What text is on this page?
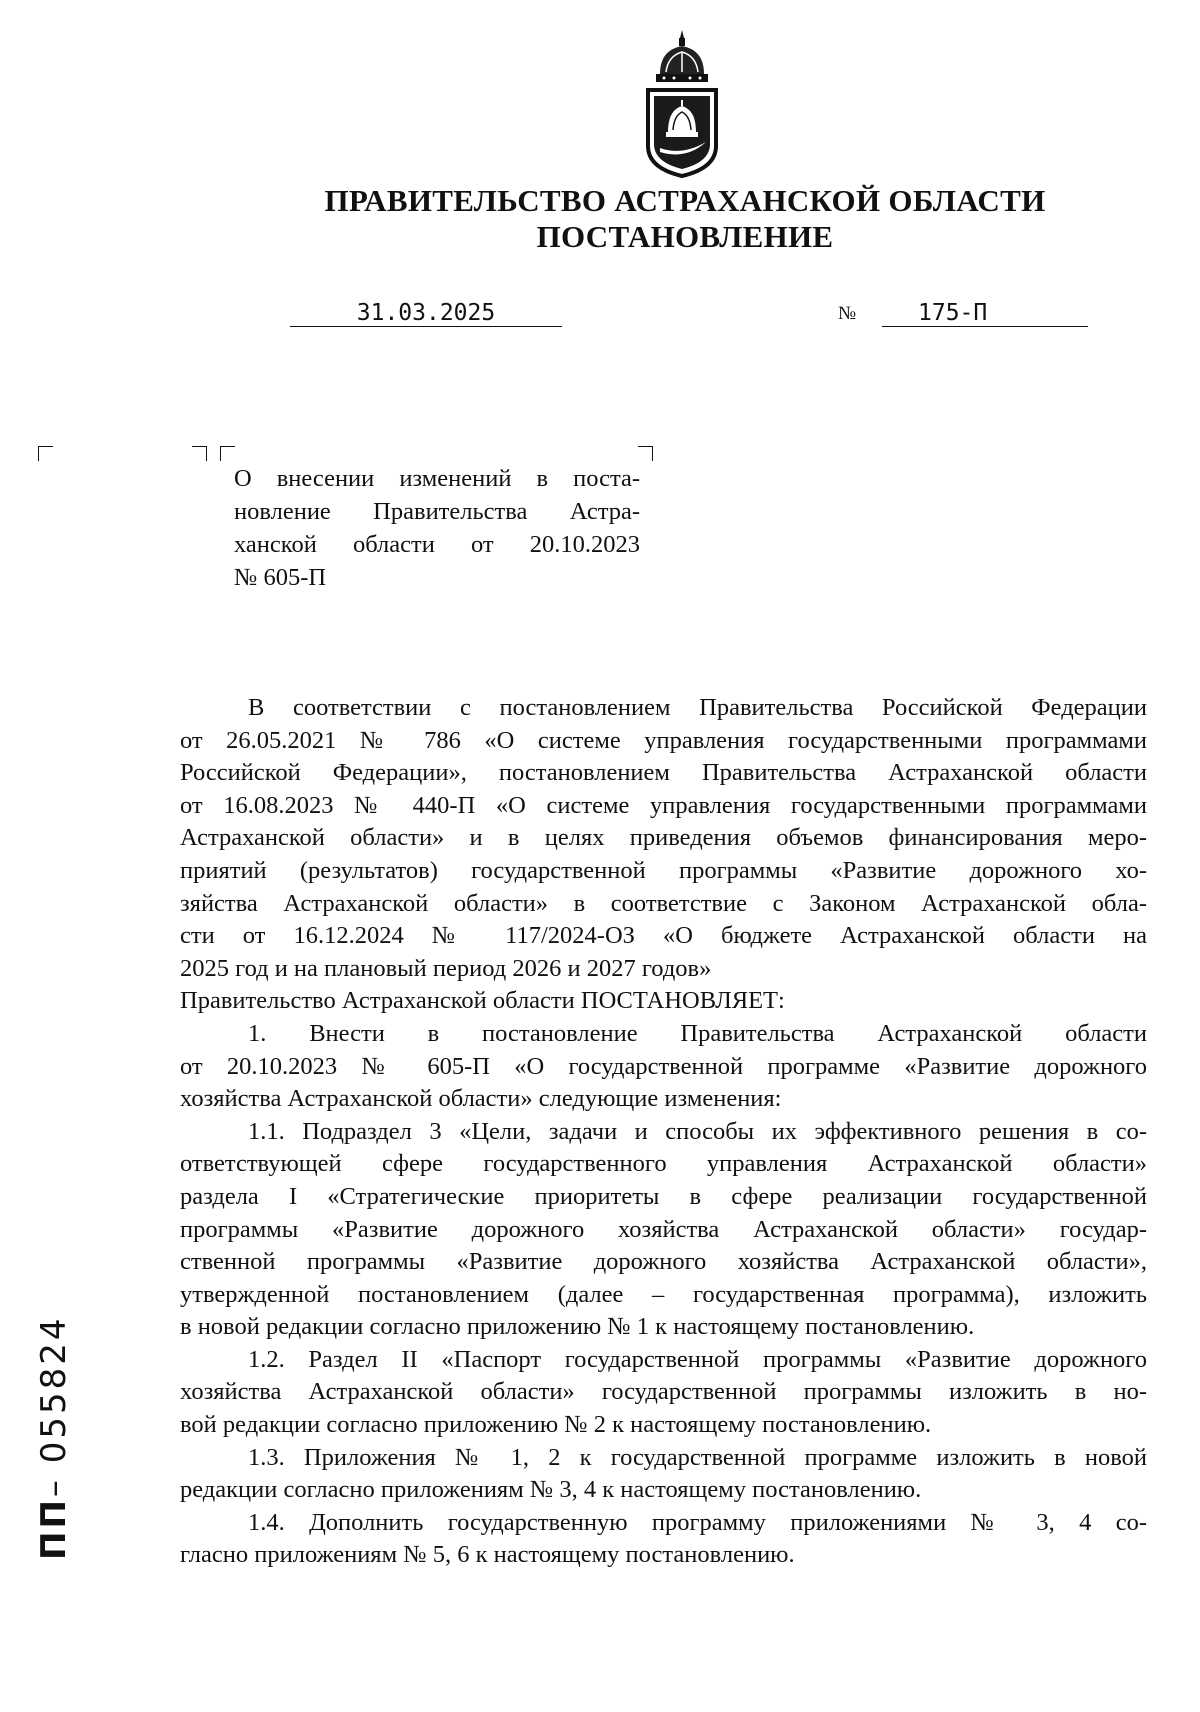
ПРАВИТЕЛЬСТВО АСТРАХАНСКОЙ ОБЛАСТИ
ПОСТАНОВЛЕНИЕ
31.03.2025	№	175-П

О внесении изменений в поста-

новление Правительства Астра-

ханской области от 20.10.2023

№ 605-П

В соответствии с постановлением Правительства Российской Федерации
от 26.05.2021 № 786 «О системе управления государственными программами
Российской Федерации», постановлением Правительства Астраханской области
от 16.08.2023 № 440-П «О системе управления государственными программами
Астраханской области» и в целях приведения объемов финансирования меро-
приятий (результатов) государственной программы «Развитие дорожного хо-
зяйства Астраханской области» в соответствие с Законом Астраханской обла-
сти от 16.12.2024 № 117/2024-ОЗ «О бюджете Астраханской области на
2025 год и на плановый период 2026 и 2027 годов»
Правительство Астраханской области ПОСТАНОВЛЯЕТ:
1. Внести в постановление Правительства Астраханской области
от 20.10.2023 № 605-П «О государственной программе «Развитие дорожного
хозяйства Астраханской области» следующие изменения:
1.1. Подраздел 3 «Цели, задачи и способы их эффективного решения в со-
ответствующей сфере государственного управления Астраханской области»
раздела I «Стратегические приоритеты в сфере реализации государственной
программы «Развитие дорожного хозяйства Астраханской области» государ-
ственной программы «Развитие дорожного хозяйства Астраханской области»,
утвержденной постановлением (далее – государственная программа), изложить
в новой редакции согласно приложению № 1 к настоящему постановлению.
1.2. Раздел II «Паспорт государственной программы «Развитие дорожного
хозяйства Астраханской области» государственной программы изложить в но-
вой редакции согласно приложению № 2 к настоящему постановлению.
1.3. Приложения № 1, 2 к государственной программе изложить в новой
редакции согласно приложениям № 3, 4 к настоящему постановлению.
1.4. Дополнить государственную программу приложениями № 3, 4 со-
гласно приложениям № 5, 6 к настоящему постановлению.
ПП– 055824
